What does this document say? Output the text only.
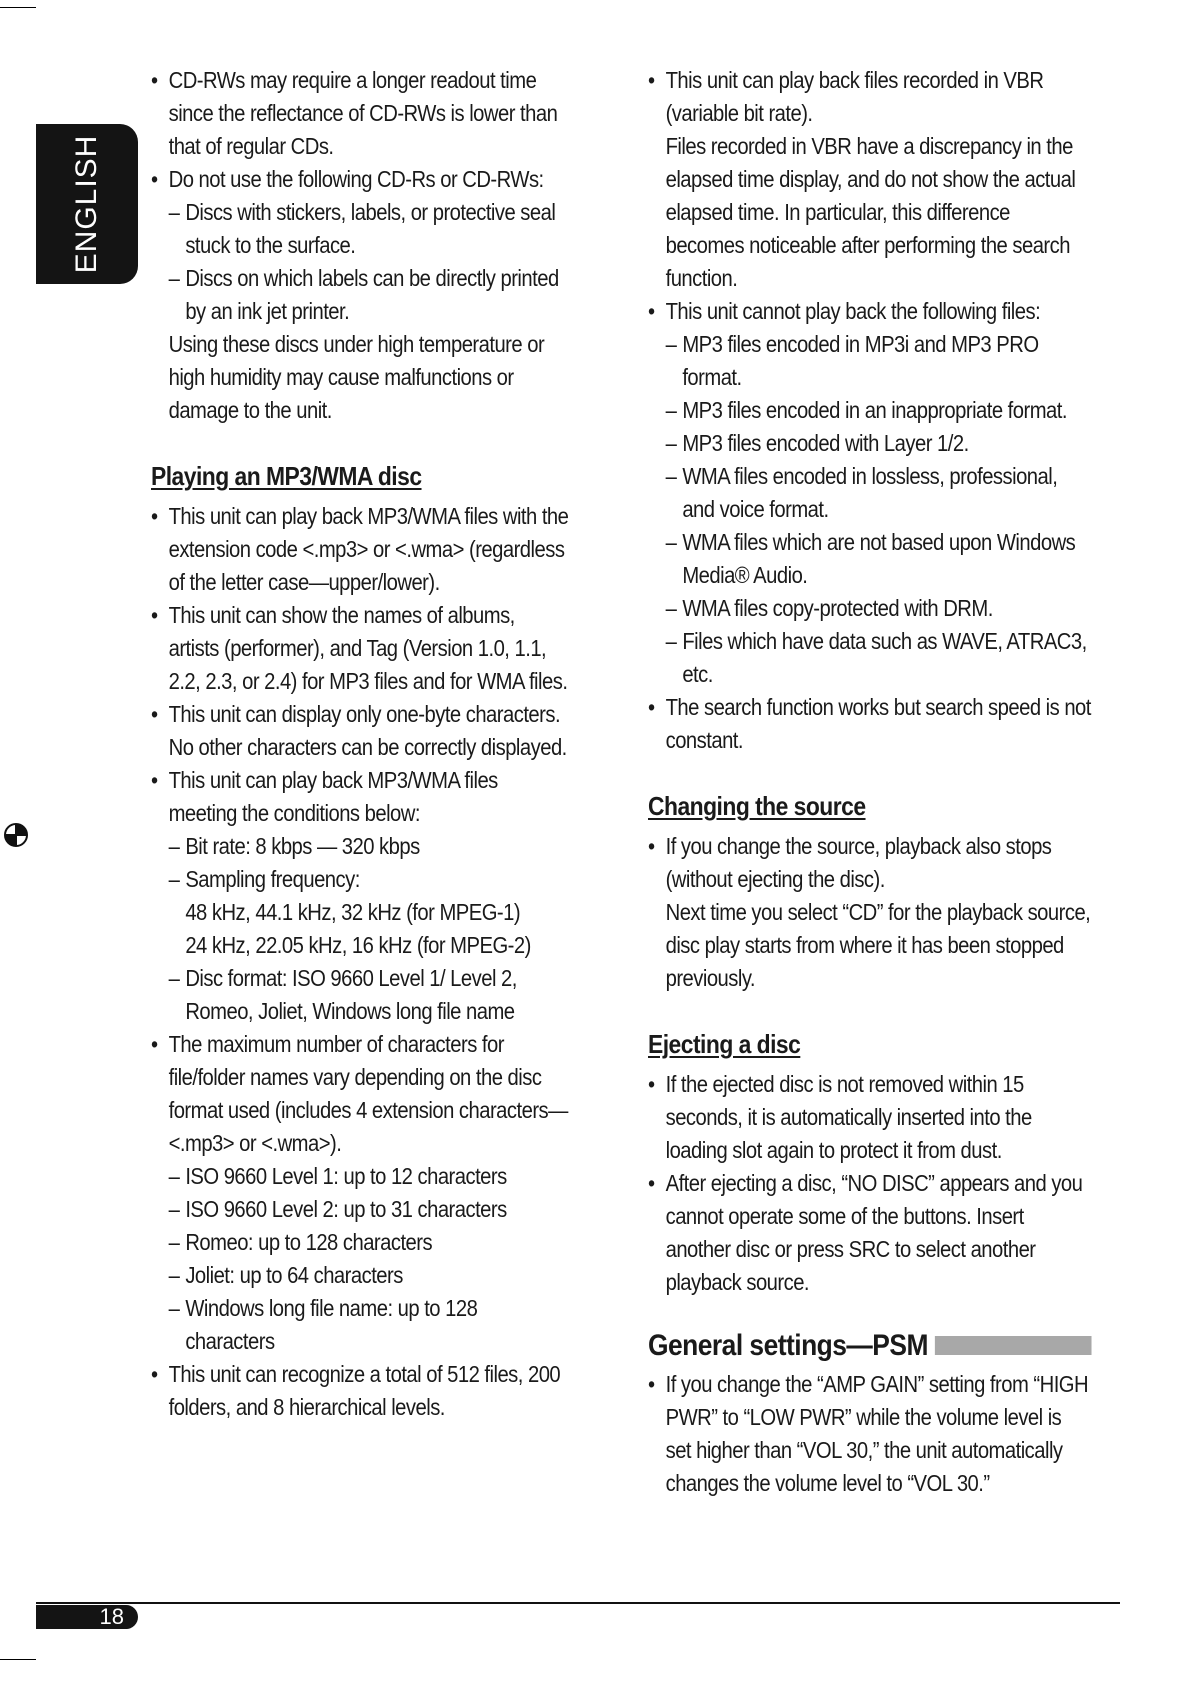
ENGLISH
• CD-RWs may require a longer readout time since the reflectance of CD-RWs is lower than that of regular CDs.
• Do not use the following CD-Rs or CD-RWs:
– Discs with stickers, labels, or protective seal stuck to the surface.
– Discs on which labels can be directly printed by an ink jet printer.

Using these discs under high temperature or high humidity may cause malfunctions or damage to the unit.

Playing an MP3/WMA disc
• This unit can play back MP3/WMA files with the extension code <.mp3> or <.wma> (regardless of the letter case—upper/lower).
• This unit can show the names of albums, artists (performer), and Tag (Version 1.0, 1.1, 2.2, 2.3, or 2.4) for MP3 files and for WMA files.
• This unit can display only one-byte characters. No other characters can be correctly displayed.
• This unit can play back MP3/WMA files meeting the conditions below:
– Bit rate: 8 kbps — 320 kbps
– Sampling frequency:
48 kHz, 44.1 kHz, 32 kHz (for MPEG-1)
24 kHz, 22.05 kHz, 16 kHz (for MPEG-2)
– Disc format: ISO 9660 Level 1/ Level 2, Romeo, Joliet, Windows long file name
• The maximum number of characters for file/folder names vary depending on the disc format used (includes 4 extension characters—<.mp3> or <.wma>).
– ISO 9660 Level 1: up to 12 characters
– ISO 9660 Level 2: up to 31 characters
– Romeo: up to 128 characters
– Joliet: up to 64 characters
– Windows long file name: up to 128 characters
• This unit can recognize a total of 512 files, 200 folders, and 8 hierarchical levels.
• This unit can play back files recorded in VBR (variable bit rate).

Files recorded in VBR have a discrepancy in the elapsed time display, and do not show the actual elapsed time. In particular, this difference becomes noticeable after performing the search function.

• This unit cannot play back the following files:
– MP3 files encoded in MP3i and MP3 PRO format.
– MP3 files encoded in an inappropriate format.
– MP3 files encoded with Layer 1/2.
– WMA files encoded in lossless, professional, and voice format.
– WMA files which are not based upon Windows Media® Audio.
– WMA files copy-protected with DRM.
– Files which have data such as WAVE, ATRAC3, etc.
• The search function works but search speed is not constant.
Changing the source
• If you change the source, playback also stops (without ejecting the disc).

Next time you select “CD” for the playback source, disc play starts from where it has been stopped previously.

Ejecting a disc
• If the ejected disc is not removed within 15 seconds, it is automatically inserted into the loading slot again to protect it from dust.
• After ejecting a disc, “NO DISC” appears and you cannot operate some of the buttons. Insert another disc or press SRC to select another playback source.
General settings—PSM
• If you change the “AMP GAIN” setting from “HIGH PWR” to “LOW PWR” while the volume level is set higher than “VOL 30,” the unit automatically changes the volume level to “VOL 30.”
18
